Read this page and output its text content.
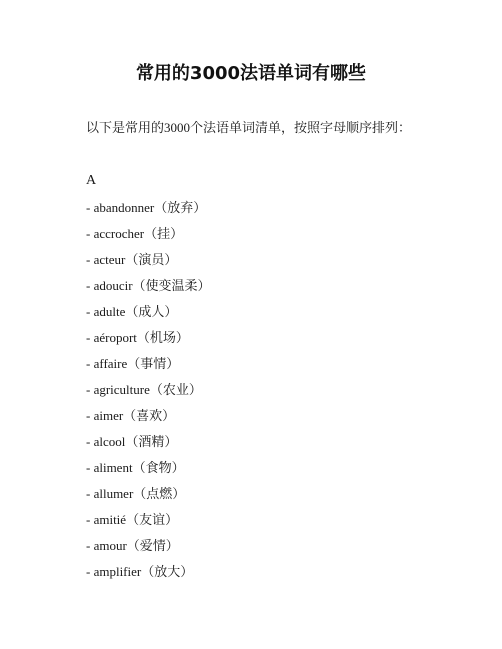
常用的3000法语单词有哪些

以下是常用的3000个法语单词清单，按照字母顺序排列：

A

- abandonner（放弃）
- accrocher（挂）
- acteur（演员）
- adoucir（使变温柔）
- adulte（成人）
- aéroport（机场）
- affaire（事情）
- agriculture（农业）
- aimer（喜欢）
- alcool（酒精）
- aliment（食物）
- allumer（点燃）
- amitié（友谊）
- amour（爱情）
- amplifier（放大）
